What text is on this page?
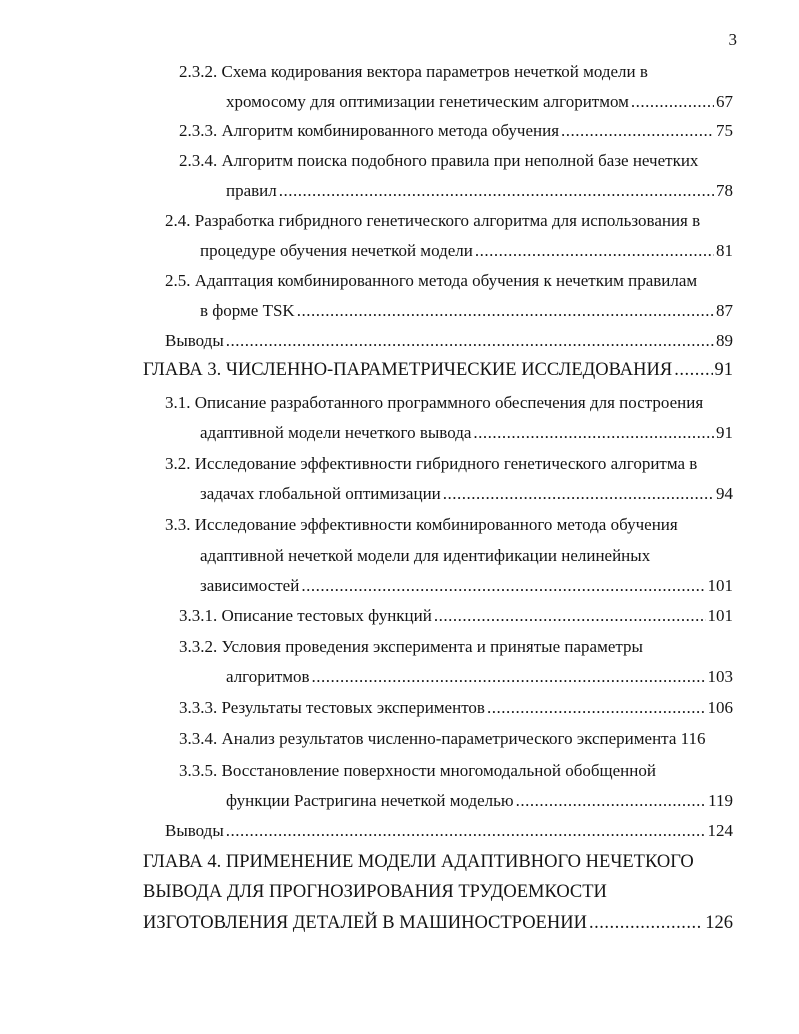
3
2.3.2. Схема кодирования вектора параметров нечеткой модели в
хромосому для оптимизации генетическим алгоритмом .....	67
2.3.3. Алгоритм комбинированного метода обучения .....	75
2.3.4. Алгоритм поиска подобного правила при неполной базе нечетких
правил .....	78
2.4. Разработка гибридного генетического алгоритма для использования в
процедуре обучения нечеткой модели .....	81
2.5. Адаптация комбинированного метода обучения к нечетким правилам
в форме TSK .....	87
Выводы .....	89
ГЛАВА 3. ЧИСЛЕННО-ПАРАМЕТРИЧЕСКИЕ ИССЛЕДОВАНИЯ ..... 91
3.1. Описание разработанного программного обеспечения для построения
адаптивной модели нечеткого вывода .....	91
3.2. Исследование эффективности гибридного генетического алгоритма в
задачах глобальной оптимизации .....	94
3.3. Исследование эффективности комбинированного метода обучения
адаптивной нечеткой модели для идентификации нелинейных
зависимостей .....	101
3.3.1. Описание тестовых функций .....	101
3.3.2. Условия проведения эксперимента и принятые параметры
алгоритмов .....	103
3.3.3. Результаты тестовых экспериментов .....	106
3.3.4. Анализ результатов численно-параметрического эксперимента 116
3.3.5. Восстановление поверхности многомодальной обобщенной
функции Растригина нечеткой моделью .....	119
Выводы .....	124
ГЛАВА 4. ПРИМЕНЕНИЕ МОДЕЛИ АДАПТИВНОГО НЕЧЕТКОГО
ВЫВОДА ДЛЯ ПРОГНОЗИРОВАНИЯ ТРУДОЕМКОСТИ
ИЗГОТОВЛЕНИЯ ДЕТАЛЕЙ В МАШИНОСТРОЕНИИ .....	126
